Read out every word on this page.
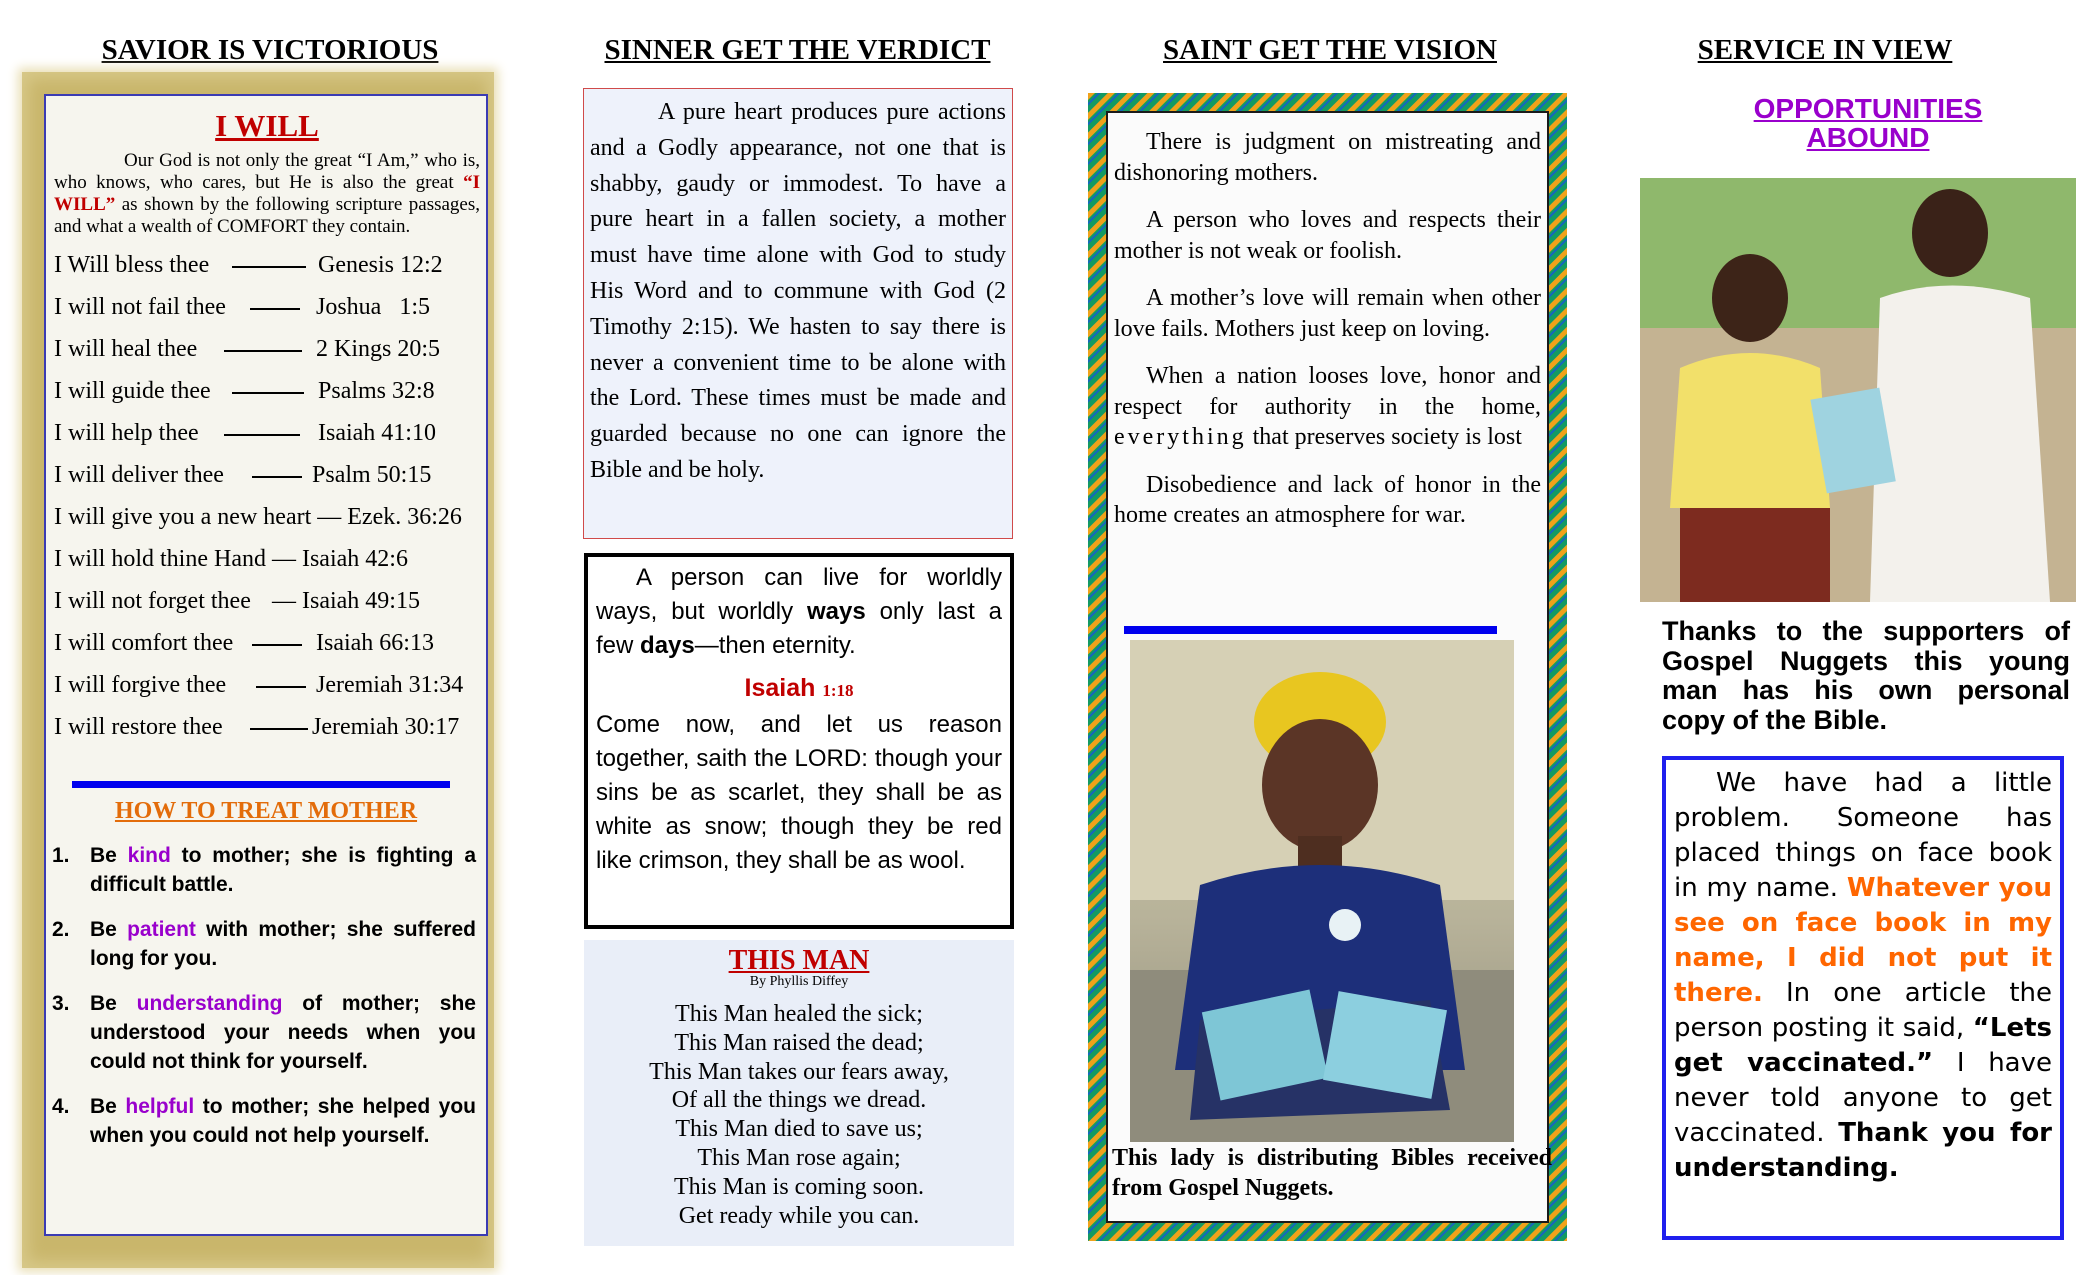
SAVIOR IS VICTORIOUS	SINNER GET THE VERDICT	SAINT GET THE VISION	SERVICE IN VIEW
I WILL

Our God is not only the great “I Am,” who is, who knows, who cares, but He is also the great “I WILL” as shown by the following scripture passages, and what a wealth of COMFORT they contain.

I Will bless thee	Genesis 12:2
I will not fail thee	Joshua   1:5
I will heal thee	2 Kings 20:5
I will guide thee	Psalms 32:8
I will help thee	Isaiah 41:10
I will deliver thee	Psalm 50:15
I will give you a new heart — Ezek. 36:26
I will hold thine Hand — Isaiah 42:6
I will not forget thee — Isaiah 49:15
I will comfort thee	Isaiah 66:13
I will forgive thee	Jeremiah 31:34
I will restore thee	Jeremiah 30:17
HOW TO TREAT MOTHER
1. Be kind to mother; she is fighting a difficult battle.
2. Be patient with mother; she suffered long for you.
3. Be understanding of mother; she understood your needs when you could not think for yourself.
4. Be helpful to mother; she helped you when you could not help yourself.

A pure heart produces pure actions and a Godly appearance, not one that is shabby, gaudy or immodest. To have a pure heart in a fallen society, a mother must have time alone with God to study His Word and to commune with God (2 Timothy 2:15). We hasten to say there is never a convenient time to be alone with the Lord. These times must be made and guarded because no one can ignore the Bible and be holy.

A person can live for worldly ways, but worldly ways only last a few days—then eternity.

Isaiah 1:18

Come now, and let us reason together, saith the LORD: though your sins be as scarlet, they shall be as white as snow; though they be red like crimson, they shall be as wool.

THIS MAN
By Phyllis Diffey
This Man healed the sick;
This Man raised the dead;
This Man takes our fears away,
Of all the things we dread.
This Man died to save us;
This Man rose again;
This Man is coming soon.
Get ready while you can.

There is judgment on mistreating and dishonoring mothers.

A person who loves and respects their mother is not weak or foolish.

A mother’s love will remain when other love fails. Mothers just keep on loving.

When a nation looses love, honor and respect for authority in the home, everything that preserves society is lost

Disobedience and lack of honor in the home creates an atmosphere for war.

This lady is distributing Bibles received from Gospel Nuggets.
OPPORTUNITIES ABOUND
Thanks to the supporters of Gospel Nuggets this young man has his own personal copy of the Bible.

We have had a little problem. Someone has placed things on face book in my name. Whatever you see on face book in my name, I did not put it there. In one article the person posting it said, “Lets get vaccinated.” I have never told anyone to get vaccinated. Thank you for understanding.
